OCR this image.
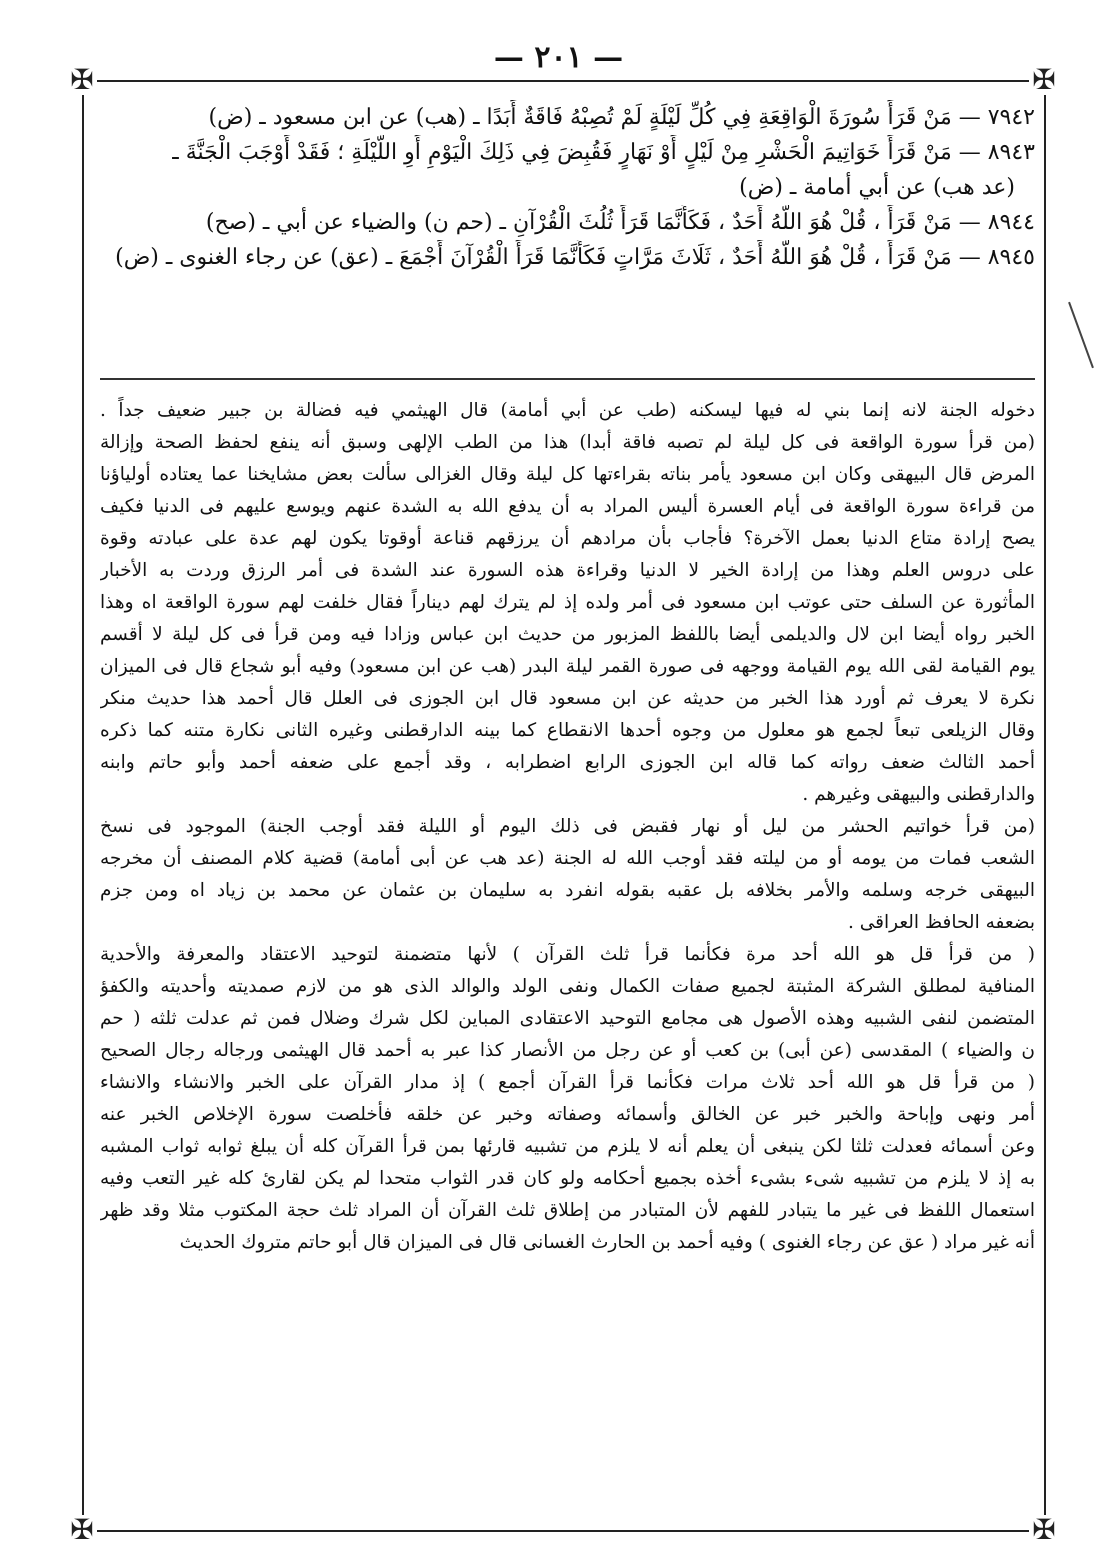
✠	✠
✠	✠
— ٢٠١ —
٧٩٤٢ — مَنْ قَرَأَ سُورَةَ الْوَاقِعَةِ فِي كُلِّ لَيْلَةٍ لَمْ تُصِبْهُ فَاقَةٌ أَبَدًا ـ (هب) عن ابن مسعود ـ (ض)
٨٩٤٣ — مَنْ قَرَأَ خَوَاتِيمَ الْحَشْرِ مِنْ لَيْلٍ أَوْ نَهَارٍ فَقُبِضَ فِي ذَلِكَ الْيَوْمِ أَوِ اللَّيْلَةِ ؛ فَقَدْ أَوْجَبَ الْجَنَّةَ ـ
(عد هب) عن أبي أمامة ـ (ض)
٨٩٤٤ — مَنْ قَرَأَ ، قُلْ هُوَ اللَّهُ أَحَدٌ ، فَكَأَنَّمَا قَرَأَ ثُلُثَ الْقُرْآنِ ـ (حم ن) والضياء عن أبي ـ (صح)
٨٩٤٥ — مَنْ قَرَأَ ، قُلْ هُوَ اللَّهُ أَحَدٌ ، ثَلَاثَ مَرَّاتٍ فَكَأَنَّمَا قَرَأَ الْقُرْآنَ أَجْمَعَ ـ (عق) عن رجاء الغنوى ـ (ض)
دخوله الجنة لانه إنما بني له فيها ليسكنه (طب عن أبي أمامة) قال الهيثمي فيه فضالة بن جبير ضعيف جداً .
(من قرأ سورة الواقعة فى كل ليلة لم تصبه فاقة أبدا) هذا من الطب الإلهى وسبق أنه ينفع لحفظ الصحة وإزالة
المرض قال البيهقى وكان ابن مسعود يأمر بناته بقراءتها كل ليلة وقال الغزالى سألت بعض مشايخنا عما يعتاده أولياؤنا
من قراءة سورة الواقعة فى أيام العسرة أليس المراد به أن يدفع الله به الشدة عنهم ويوسع عليهم فى الدنيا فكيف
يصح إرادة متاع الدنيا بعمل الآخرة؟ فأجاب بأن مرادهم أن يرزقهم قناعة أوقوتا يكون لهم عدة على عبادته وقوة
على دروس العلم وهذا من إرادة الخير لا الدنيا وقراءة هذه السورة عند الشدة فى أمر الرزق وردت به الأخبار
المأثورة عن السلف حتى عوتب ابن مسعود فى أمر ولده إذ لم يترك لهم ديناراً فقال خلفت لهم سورة الواقعة اه وهذا
الخبر رواه أيضا ابن لال والديلمى أيضا باللفظ المزبور من حديث ابن عباس وزادا فيه ومن قرأ فى كل ليلة لا أقسم
يوم القيامة لقى الله يوم القيامة ووجهه فى صورة القمر ليلة البدر (هب عن ابن مسعود) وفيه أبو شجاع قال فى الميزان
نكرة لا يعرف ثم أورد هذا الخبر من حديثه عن ابن مسعود قال ابن الجوزى فى العلل قال أحمد هذا حديث منكر
وقال الزيلعى تبعاً لجمع هو معلول من وجوه أحدها الانقطاع كما بينه الدارقطنى وغيره الثانى نكارة متنه كما ذكره
أحمد الثالث ضعف رواته كما قاله ابن الجوزى الرابع اضطرابه ، وقد أجمع على ضعفه أحمد وأبو حاتم وابنه
والدارقطنى والبيهقى وغيرهم .
(من قرأ خواتيم الحشر من ليل أو نهار فقبض فى ذلك اليوم أو الليلة فقد أوجب الجنة) الموجود فى نسخ
الشعب فمات من يومه أو من ليلته فقد أوجب الله له الجنة (عد هب عن أبى أمامة) قضية كلام المصنف أن مخرجه
البيهقى خرجه وسلمه والأمر بخلافه بل عقبه بقوله انفرد به سليمان بن عثمان عن محمد بن زياد اه ومن جزم
بضعفه الحافظ العراقى .
( من قرأ قل هو الله أحد مرة فكأنما قرأ ثلث القرآن ) لأنها متضمنة لتوحيد الاعتقاد والمعرفة والأحدية
المنافية لمطلق الشركة المثبتة لجميع صفات الكمال ونفى الولد والوالد الذى هو من لازم صمديته وأحديته والكفؤ
المتضمن لنفى الشبيه وهذه الأصول هى مجامع التوحيد الاعتقادى المباين لكل شرك وضلال فمن ثم عدلت ثلثه ( حم
ن والضياء ) المقدسى (عن أبى) بن كعب أو عن رجل من الأنصار كذا عبر به أحمد قال الهيثمى ورجاله رجال الصحيح
( من قرأ قل هو الله أحد ثلاث مرات فكأنما قرأ القرآن أجمع ) إذ مدار القرآن على الخبر والانشاء والانشاء
أمر ونهى وإباحة والخبر خبر عن الخالق وأسمائه وصفاته وخبر عن خلقه فأخلصت سورة الإخلاص الخبر عنه
وعن أسمائه فعدلت ثلثا لكن ينبغى أن يعلم أنه لا يلزم من تشبيه قارئها بمن قرأ القرآن كله أن يبلغ ثوابه ثواب المشبه
به إذ لا يلزم من تشبيه شىء بشىء أخذه بجميع أحكامه ولو كان قدر الثواب متحدا لم يكن لقارئ كله غير التعب وفيه
استعمال اللفظ فى غير ما يتبادر للفهم لأن المتبادر من إطلاق ثلث القرآن أن المراد ثلث حجة المكتوب مثلا وقد ظهر
أنه غير مراد ( عق عن رجاء الغنوى ) وفيه أحمد بن الحارث الغسانى قال فى الميزان قال أبو حاتم متروك الحديث
